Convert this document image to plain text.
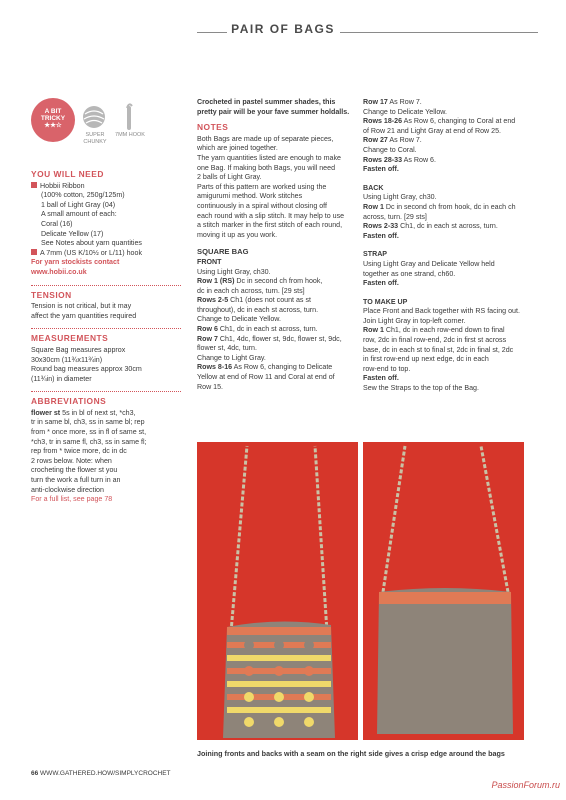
PAIR OF BAGS
A BIT
TRICKY
★★☆
SUPER CHUNKY
7MM HOOK
YOU WILL NEED

Hobbii Ribbon

(100% cotton, 250g/125m)

1 ball of Light Gray (04)

A small amount of each:

Coral (16)

Delicate Yellow (17)

See Notes about yarn quantities

A 7mm (US K/10½ or L/11) hook

For yarn stockists contact

www.hobii.co.uk

TENSION

Tension is not critical, but it may

affect the yarn quantities required

MEASUREMENTS

Square Bag measures approx

30x30cm (11¾x11¾in)

Round bag measures approx 30cm

(11¾in) in diameter

ABBREVIATIONS

flower st 5s in bl of next st, *ch3,

tr in same bl, ch3, ss in same bl; rep

from * once more, ss in fl of same st,

*ch3, tr in same fl, ch3, ss in same fl;

rep from * twice more, dc in dc

2 rows below. Note: when

crocheting the flower st you

turn the work a full turn in an

anti-clockwise direction

For a full list, see page 78

Crocheted in pastel summer shades, this

pretty pair will be your fave summer holdalls.

NOTES

Both Bags are made up of separate pieces,

which are joined together.

The yarn quantities listed are enough to make

one Bag. If making both Bags, you will need

2 balls of Light Gray.

Parts of this pattern are worked using the

amigurumi method. Work stitches

continuously in a spiral without closing off

each round with a slip stitch. It may help to use

a stitch marker in the first stitch of each round,

moving it up as you work.

SQUARE BAG

FRONT

Using Light Gray, ch30.

Row 1 (RS) Dc in second ch from hook,

dc in each ch across, turn. [29 sts]

Rows 2-5 Ch1 (does not count as st

throughout), dc in each st across, turn.

Change to Delicate Yellow.

Row 6 Ch1, dc in each st across, turn.

Row 7 Ch1, 4dc, flower st, 9dc, flower st, 9dc,

flower st, 4dc, turn.

Change to Light Gray.

Rows 8-16 As Row 6, changing to Delicate

Yellow at end of Row 11 and Coral at end of

Row 15.

Row 17 As Row 7.

Change to Delicate Yellow.

Rows 18-26 As Row 6, changing to Coral at end

of Row 21 and Light Gray at end of Row 25.

Row 27 As Row 7.

Change to Coral.

Rows 28-33 As Row 6.

Fasten off.

BACK

Using Light Gray, ch30.

Row 1 Dc in second ch from hook, dc in each ch

across, turn. [29 sts]

Rows 2-33 Ch1, dc in each st across, turn.

Fasten off.

STRAP

Using Light Gray and Delicate Yellow held

together as one strand, ch60.

Fasten off.

TO MAKE UP

Place Front and Back together with RS facing out.

Join Light Gray in top-left corner.

Row 1 Ch1, dc in each row-end down to final

row, 2dc in final row-end, 2dc in first st across

base, dc in each st to final st, 2dc in final st, 2dc

in first row-end up next edge, dc in each

row-end to top.

Fasten off.

Sew the Straps to the top of the Bag.

Joining fronts and backs with a seam on the right side gives a crisp edge around the bags
66 WWW.GATHERED.HOW/SIMPLYCROCHET
PassionForum.ru
